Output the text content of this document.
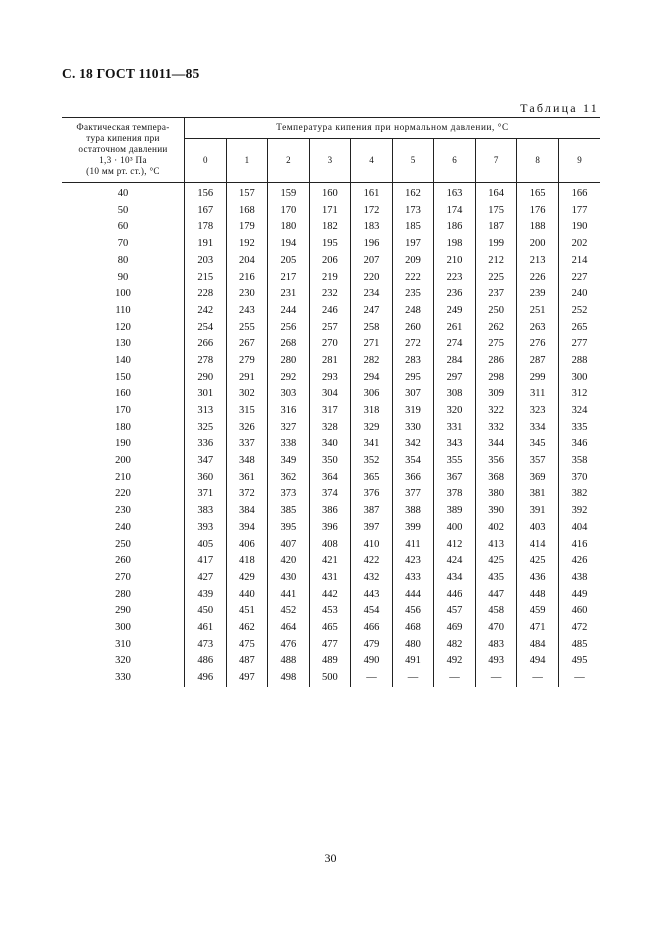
С. 18 ГОСТ 11011—85
Таблица 11
Фактическая темпера-
тура кипения при
остаточном давлении
1,3 · 10³ Па
(10 мм рт. ст.), °С	Температура кипения при нормальном давлении, °С									
	0	1	2	3	4	5	6	7	8	9
40	156	157	159	160	161	162	163	164	165	166
50	167	168	170	171	172	173	174	175	176	177
60	178	179	180	182	183	185	186	187	188	190
70	191	192	194	195	196	197	198	199	200	202
80	203	204	205	206	207	209	210	212	213	214
90	215	216	217	219	220	222	223	225	226	227
100	228	230	231	232	234	235	236	237	239	240
110	242	243	244	246	247	248	249	250	251	252
120	254	255	256	257	258	260	261	262	263	265
130	266	267	268	270	271	272	274	275	276	277
140	278	279	280	281	282	283	284	286	287	288
150	290	291	292	293	294	295	297	298	299	300
160	301	302	303	304	306	307	308	309	311	312
170	313	315	316	317	318	319	320	322	323	324
180	325	326	327	328	329	330	331	332	334	335
190	336	337	338	340	341	342	343	344	345	346
200	347	348	349	350	352	354	355	356	357	358
210	360	361	362	364	365	366	367	368	369	370
220	371	372	373	374	376	377	378	380	381	382
230	383	384	385	386	387	388	389	390	391	392
240	393	394	395	396	397	399	400	402	403	404
250	405	406	407	408	410	411	412	413	414	416
260	417	418	420	421	422	423	424	425	425	426
270	427	429	430	431	432	433	434	435	436	438
280	439	440	441	442	443	444	446	447	448	449
290	450	451	452	453	454	456	457	458	459	460
300	461	462	464	465	466	468	469	470	471	472
310	473	475	476	477	479	480	482	483	484	485
320	486	487	488	489	490	491	492	493	494	495
330	496	497	498	500	—	—	—	—	—	—
30
